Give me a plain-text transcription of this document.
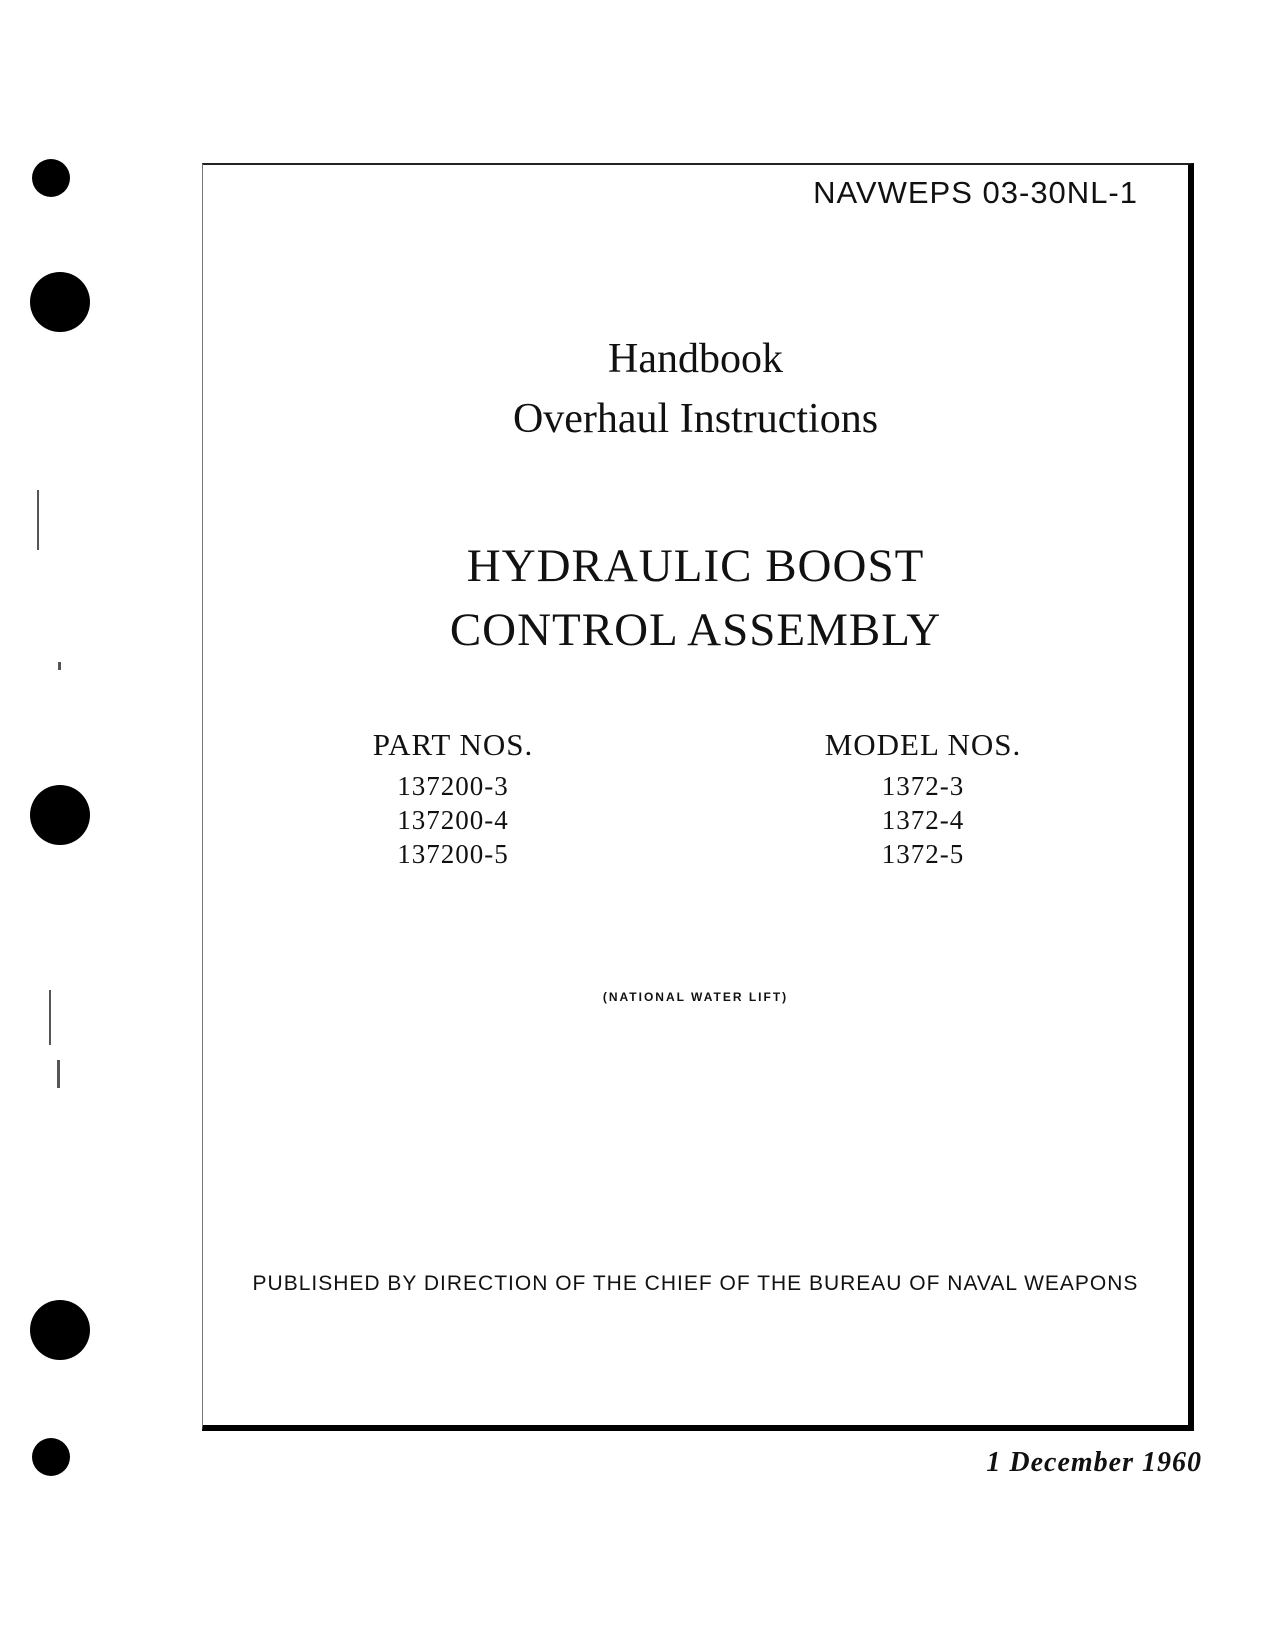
NAVWEPS 03-30NL-1
Handbook
Overhaul Instructions
HYDRAULIC BOOST
CONTROL ASSEMBLY
PART NOS.
137200-3
137200-4
137200-5
MODEL NOS.
1372-3
1372-4
1372-5
(NATIONAL WATER LIFT)
PUBLISHED BY DIRECTION OF THE CHIEF OF THE BUREAU OF NAVAL WEAPONS
1 December 1960
